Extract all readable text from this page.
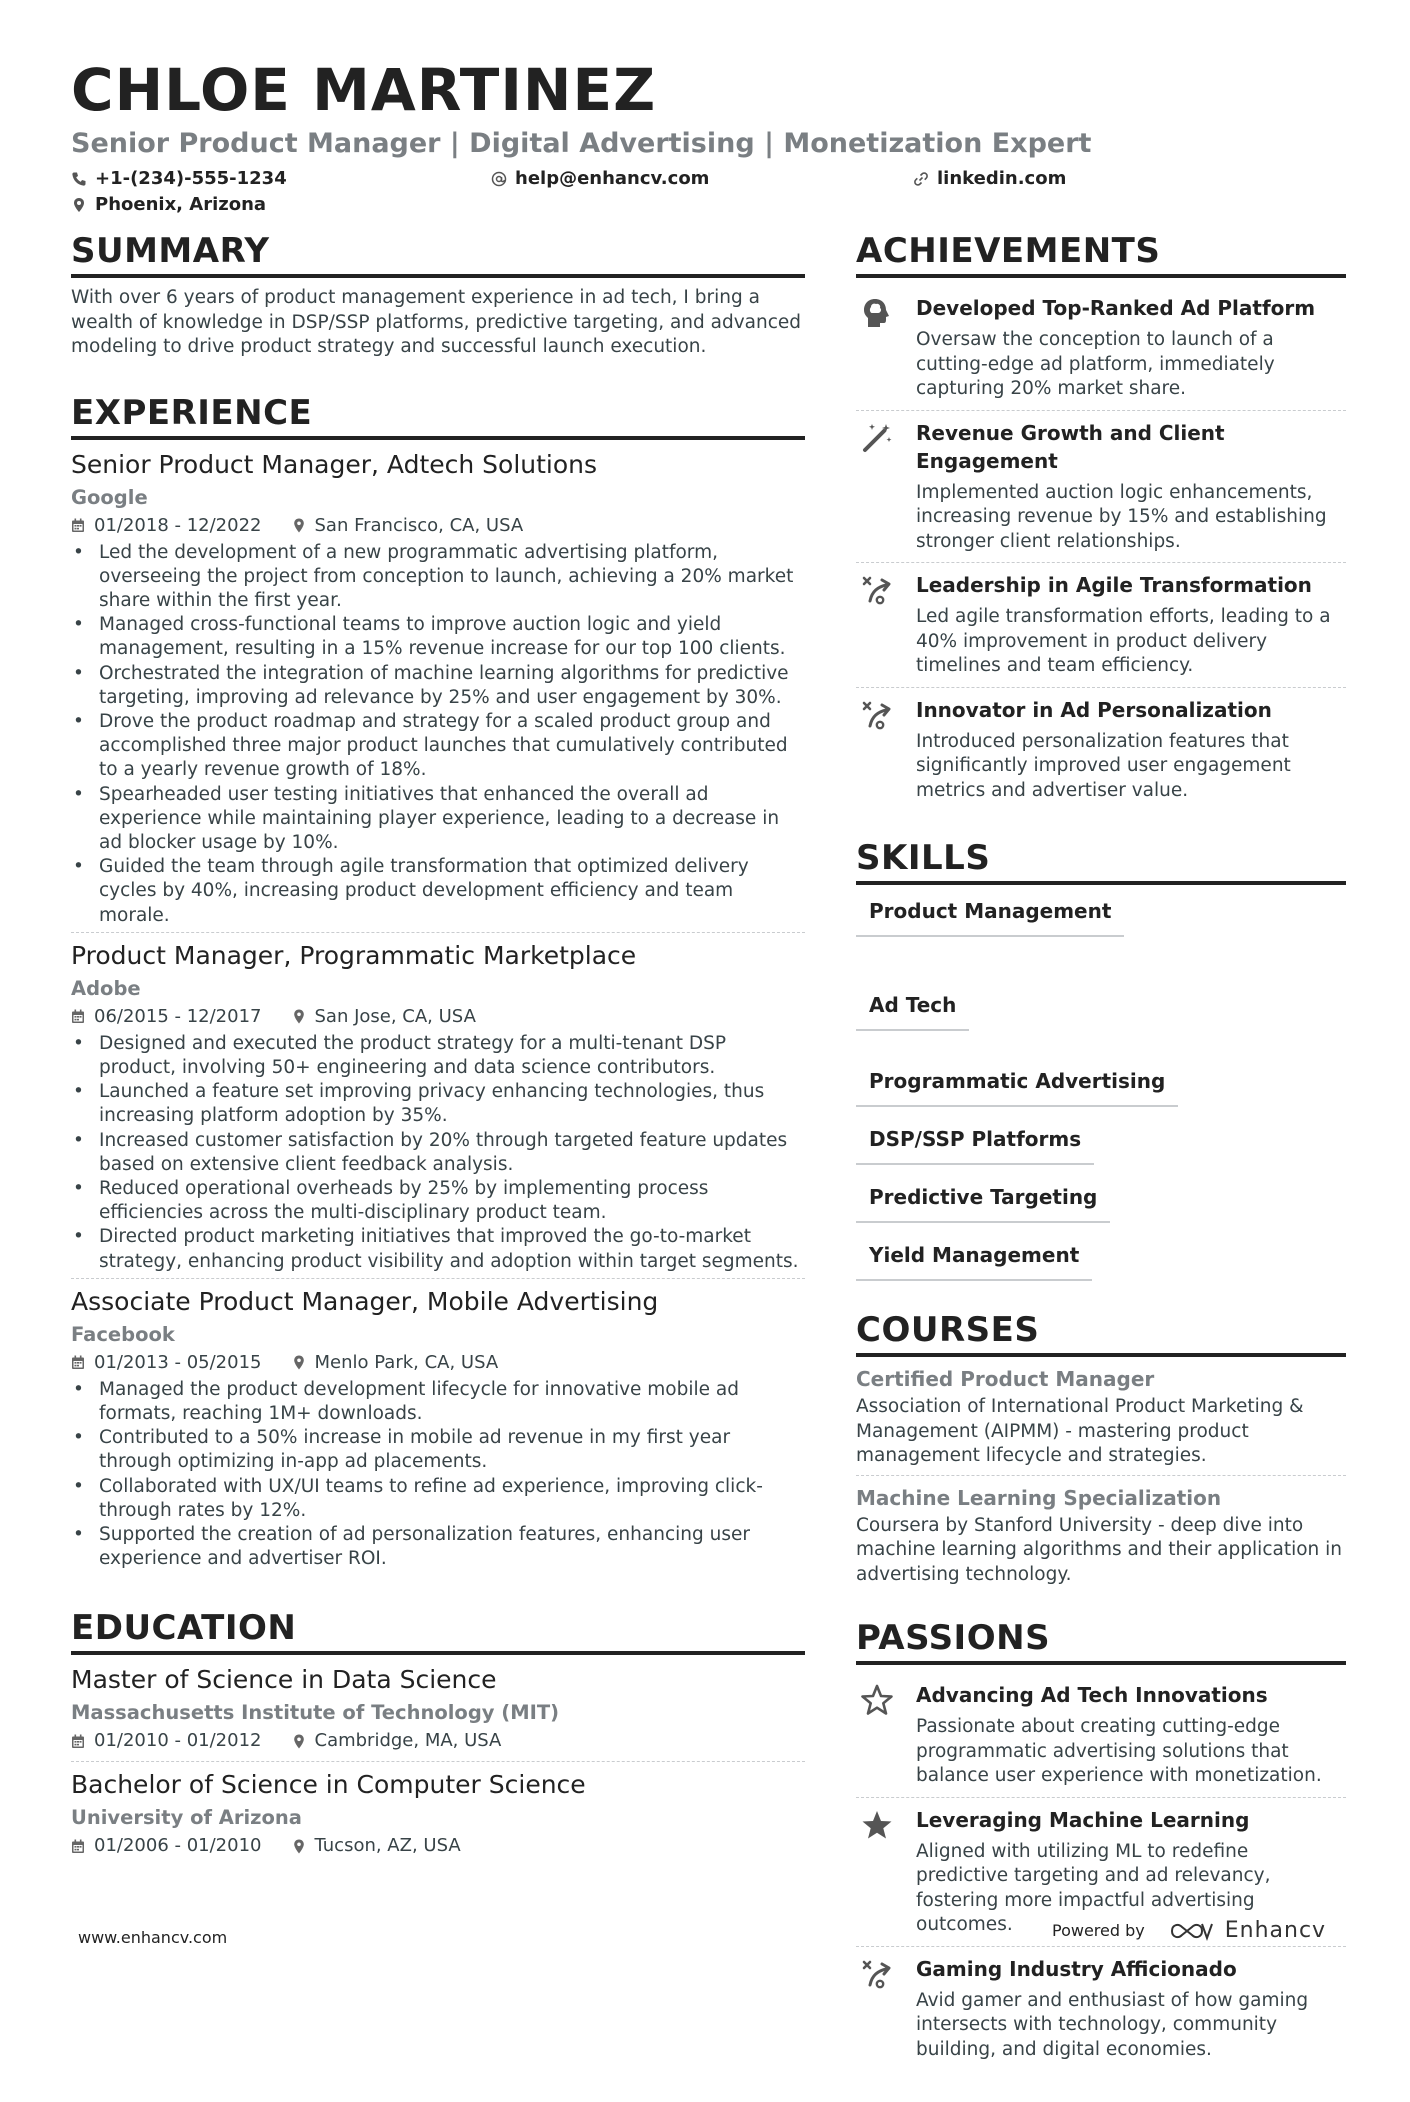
CHLOE MARTINEZ
Senior Product Manager | Digital Advertising | Monetization Expert
+1-(234)-555-1234	help@enhancv.com	linkedin.com
Phoenix, Arizona
SUMMARY
With over 6 years of product management experience in ad tech, I bring a wealth of knowledge in DSP/SSP platforms, predictive targeting, and advanced modeling to drive product strategy and successful launch execution.
EXPERIENCE
Senior Product Manager, Adtech Solutions
Google
01/2018 - 12/2022	San Francisco, CA, USA
• Led the development of a new programmatic advertising platform, overseeing the project from conception to launch, achieving a 20% market share within the first year.
• Managed cross-functional teams to improve auction logic and yield management, resulting in a 15% revenue increase for our top 100 clients.
• Orchestrated the integration of machine learning algorithms for predictive targeting, improving ad relevance by 25% and user engagement by 30%.
• Drove the product roadmap and strategy for a scaled product group and accomplished three major product launches that cumulatively contributed to a yearly revenue growth of 18%.
• Spearheaded user testing initiatives that enhanced the overall ad experience while maintaining player experience, leading to a decrease in ad blocker usage by 10%.
• Guided the team through agile transformation that optimized delivery cycles by 40%, increasing product development efficiency and team morale.
Product Manager, Programmatic Marketplace
Adobe
06/2015 - 12/2017	San Jose, CA, USA
• Designed and executed the product strategy for a multi-tenant DSP product, involving 50+ engineering and data science contributors.
• Launched a feature set improving privacy enhancing technologies, thus increasing platform adoption by 35%.
• Increased customer satisfaction by 20% through targeted feature updates based on extensive client feedback analysis.
• Reduced operational overheads by 25% by implementing process efficiencies across the multi-disciplinary product team.
• Directed product marketing initiatives that improved the go-to-market strategy, enhancing product visibility and adoption within target segments.
Associate Product Manager, Mobile Advertising
Facebook
01/2013 - 05/2015	Menlo Park, CA, USA
• Managed the product development lifecycle for innovative mobile ad formats, reaching 1M+ downloads.
• Contributed to a 50% increase in mobile ad revenue in my first year through optimizing in-app ad placements.
• Collaborated with UX/UI teams to refine ad experience, improving click-through rates by 12%.
• Supported the creation of ad personalization features, enhancing user experience and advertiser ROI.
EDUCATION
Master of Science in Data Science
Massachusetts Institute of Technology (MIT)
01/2010 - 01/2012	Cambridge, MA, USA
Bachelor of Science in Computer Science
University of Arizona
01/2006 - 01/2010	Tucson, AZ, USA
ACHIEVEMENTS
Developed Top-Ranked Ad Platform
Oversaw the conception to launch of a cutting-edge ad platform, immediately capturing 20% market share.
Revenue Growth and Client Engagement
Implemented auction logic enhancements, increasing revenue by 15% and establishing stronger client relationships.
Leadership in Agile Transformation
Led agile transformation efforts, leading to a 40% improvement in product delivery timelines and team efficiency.
Innovator in Ad Personalization
Introduced personalization features that significantly improved user engagement metrics and advertiser value.
SKILLS
Product Management
Ad Tech
Programmatic Advertising
DSP/SSP Platforms
Predictive Targeting
Yield Management
COURSES
Certified Product Manager
Association of International Product Marketing & Management (AIPMM) - mastering product management lifecycle and strategies.
Machine Learning Specialization
Coursera by Stanford University - deep dive into machine learning algorithms and their application in advertising technology.
PASSIONS
Advancing Ad Tech Innovations
Passionate about creating cutting-edge programmatic advertising solutions that balance user experience with monetization.
Leveraging Machine Learning
Aligned with utilizing ML to redefine predictive targeting and ad relevancy, fostering more impactful advertising outcomes.
Gaming Industry Afficionado
Avid gamer and enthusiast of how gaming intersects with technology, community building, and digital economies.
www.enhancv.com	Powered by	Enhancv
